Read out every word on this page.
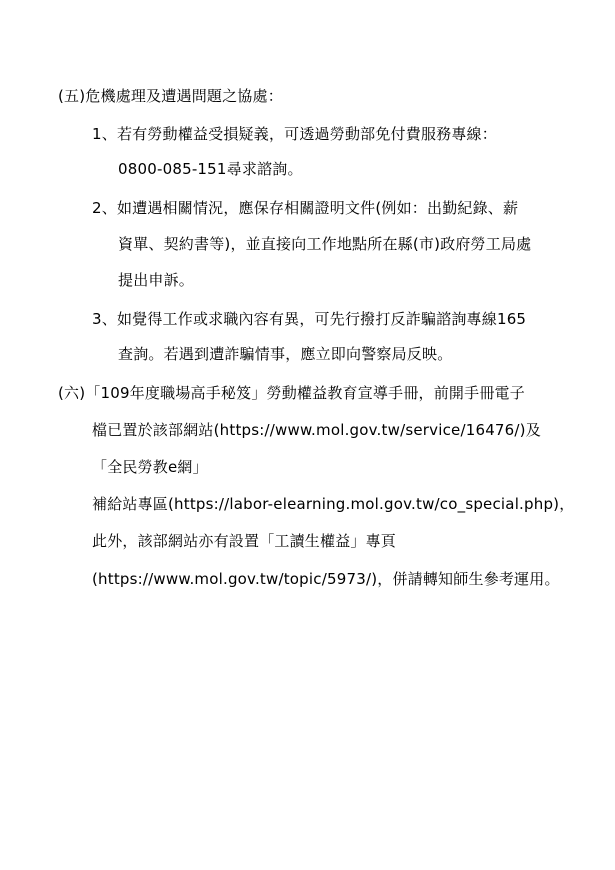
(五)危機處理及遭遇問題之協處：
1、若有勞動權益受損疑義，可透過勞動部免付費服務專線：
0800-085-151尋求諮詢。
2、如遭遇相關情況，應保存相關證明文件(例如：出勤紀錄、薪
資單、契約書等)，並直接向工作地點所在縣(市)政府勞工局處
提出申訴。
3、如覺得工作或求職內容有異，可先行撥打反詐騙諮詢專線165
查詢。若遇到遭詐騙情事，應立即向警察局反映。
(六)「109年度職場高手秘笈」勞動權益教育宣導手冊，前開手冊電子
檔已置於該部網站(https://www.mol.gov.tw/service/16476/)及
「全民勞教e網」
補給站專區(https://labor-elearning.mol.gov.tw/co_special.php)，
此外，該部網站亦有設置「工讀生權益」專頁
(https://www.mol.gov.tw/topic/5973/)，併請轉知師生參考運用。
